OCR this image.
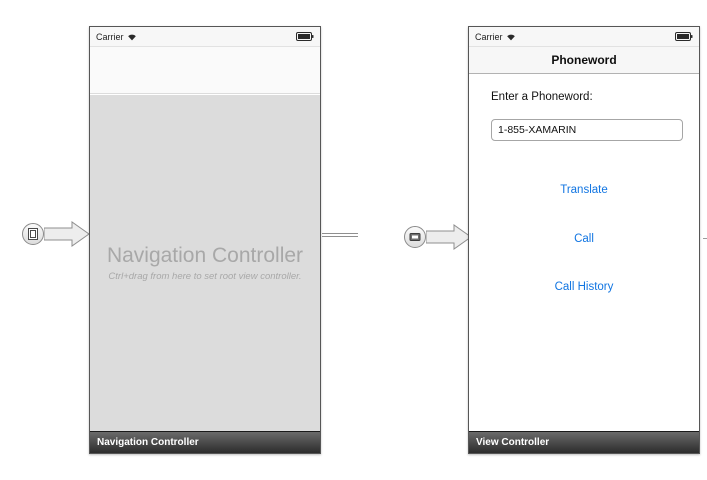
Carrier
Navigation Controller
Ctrl+drag from here to set root view controller.
Navigation Controller
Carrier
Phoneword
Enter a Phoneword:
1-855-XAMARIN
Translate
Call
Call History
View Controller
